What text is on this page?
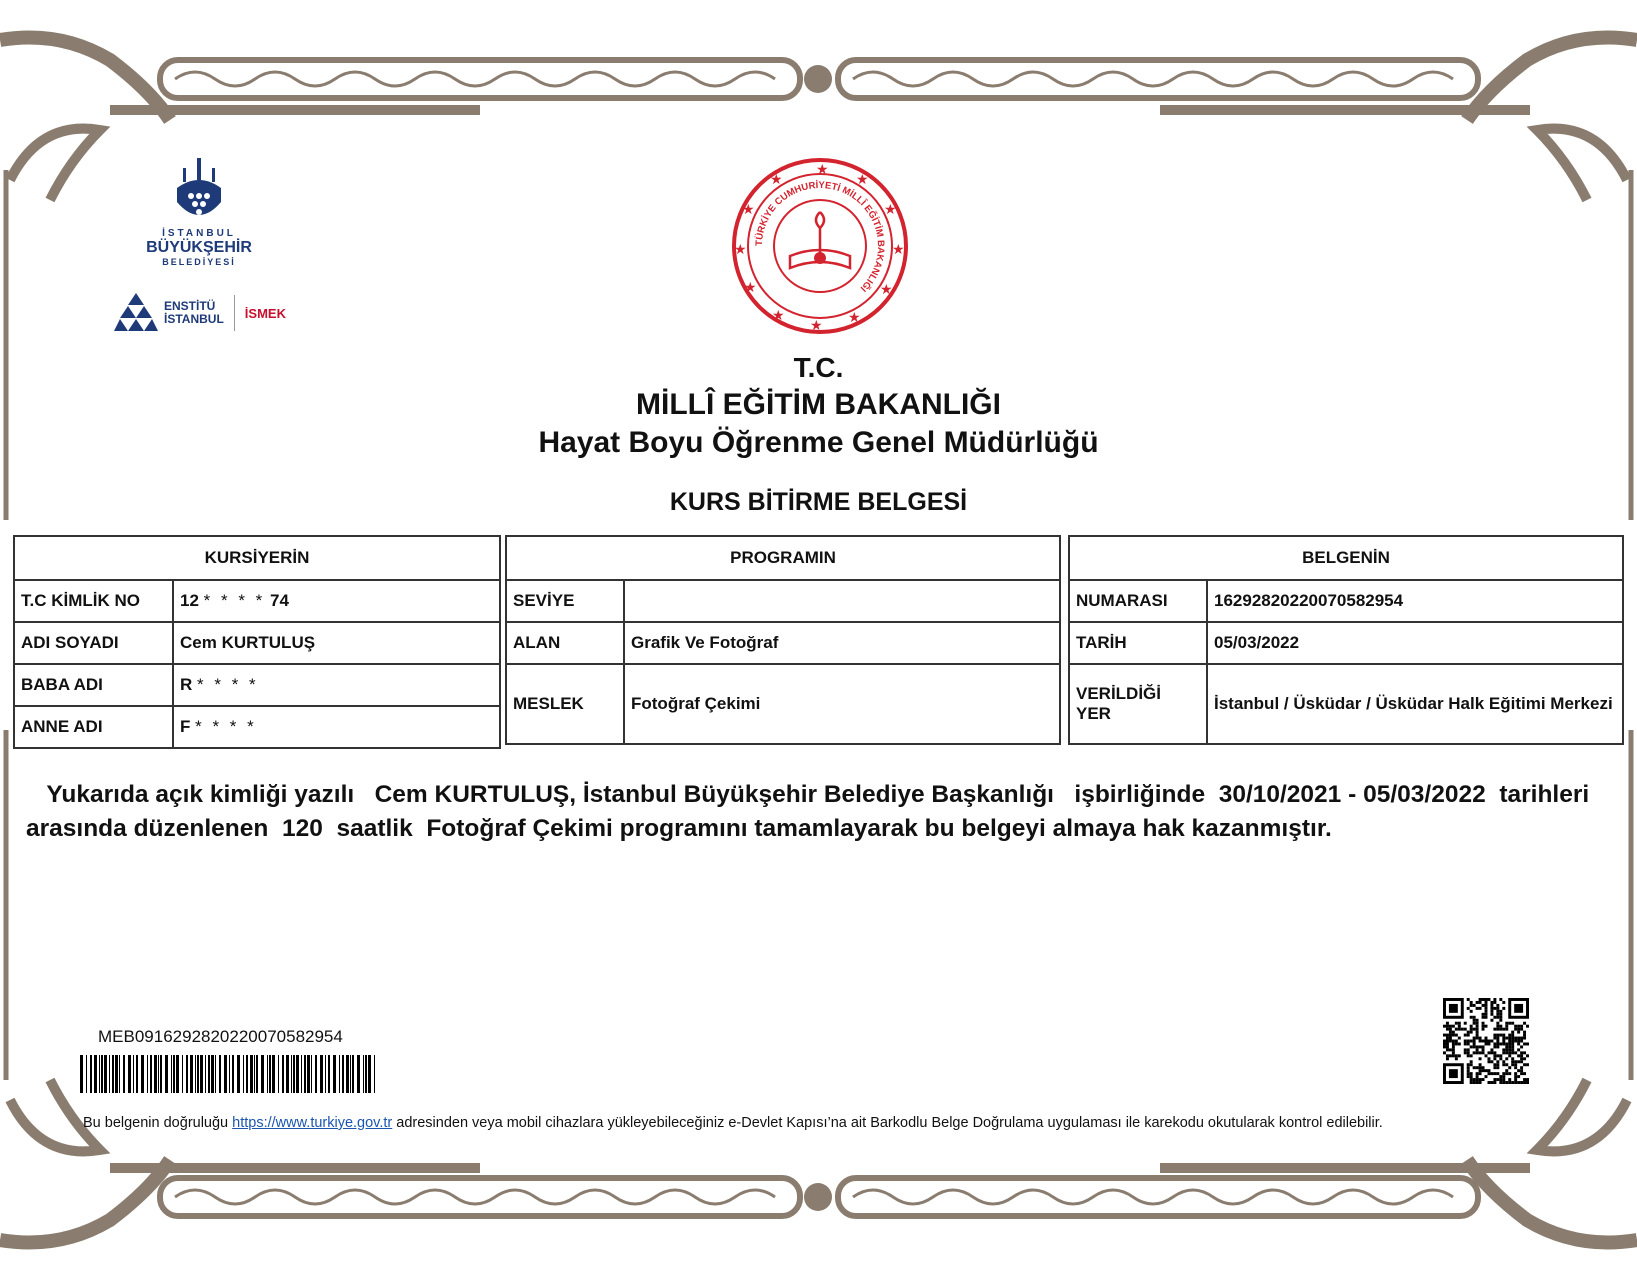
İSTANBUL
BÜYÜKŞEHİR
BELEDİYESİ
ENSTİTÜ
İSTANBUL İSMEK
★
★
★
★
★
★
★
★
★
★
★
★
TÜRKİYE CUMHURİYETİ MİLLÎ EĞİTİM BAKANLIĞI
T.C.
MİLLÎ EĞİTİM BAKANLIĞI
Hayat Boyu Öğrenme Genel Müdürlüğü
KURS BİTİRME BELGESİ
KURSİYERİN	
T.C KİMLİK NO	12 * * * * 74
ADI SOYADI	Cem KURTULUŞ
BABA ADI	R * * * *
ANNE ADI	F * * * *
PROGRAMIN	
SEVİYE	
ALAN	Grafik Ve Fotoğraf
MESLEK	Fotoğraf Çekimi
BELGENİN	
NUMARASI	16292820220070582954
TARİH	05/03/2022
VERİLDİĞİ YER	İstanbul / Üsküdar / Üsküdar Halk Eğitimi Merkezi
Yukarıda açık kimliği yazılı   Cem KURTULUŞ, İstanbul Büyükşehir Belediye Başkanlığı   işbirliğinde  30/10/2021 - 05/03/2022  tarihleri arasında düzenlenen  120  saatlik  Fotoğraf Çekimi programını tamamlayarak bu belgeyi almaya hak kazanmıştır.
MEB0916292820220070582954
Bu belgenin doğruluğu https://www.turkiye.gov.tr adresinden veya mobil cihazlara yükleyebileceğiniz e-Devlet Kapısı’na ait Barkodlu Belge Doğrulama uygulaması ile karekodu okutularak kontrol edilebilir.
